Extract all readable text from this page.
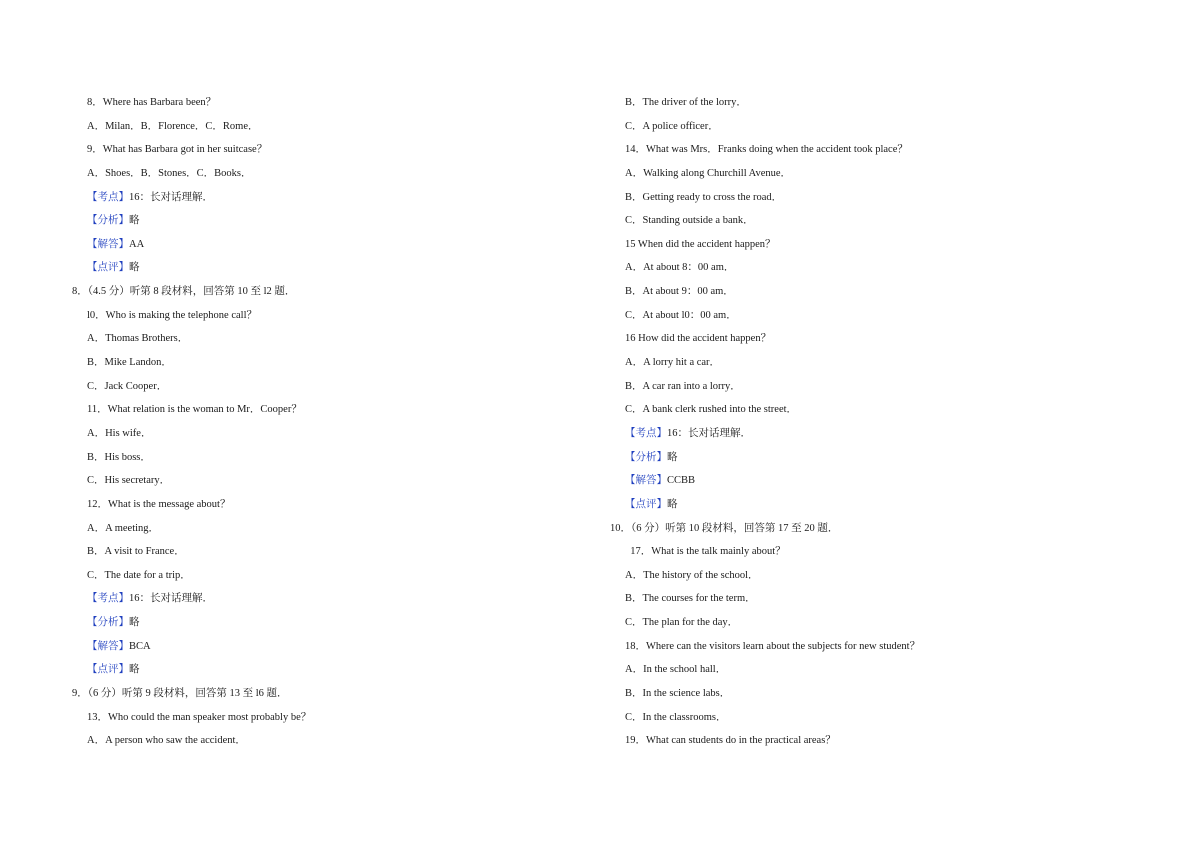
8．Where has Barbara been？
A．Milan．B．Florence．C．Rome．
9．What has Barbara got in her suitcase？
A．Shoes．B．Stones．C．Books．
【考点】16：长对话理解．
【分析】略
【解答】AA
【点评】略
8．（4.5 分）听第 8 段材料，回答第 10 至 l2 题．
l0．Who is making the telephone call？
A．Thomas Brothers．
B．Mike Landon．
C．Jack Cooper．
11．What relation is the woman to Mr．Cooper？
A．His wife．
B．His boss．
C．His secretary．
12．What is the message about？
A．A meeting．
B．A visit to France．
C．The date for a trip．
【考点】16：长对话理解．
【分析】略
【解答】BCA
【点评】略
9．（6 分）听第 9 段材料，回答第 13 至 l6 题．
13．Who could the man speaker most probably be？
A．A person who saw the accident．
B．The driver of the lorry．
C．A police officer．
14．What was Mrs．Franks doing when the accident took place？
A．Walking along Churchill Avenue．
B．Getting ready to cross the road．
C．Standing outside a bank．
15 When did the accident happen？
A．At about 8：00 am．
B．At about 9：00 am．
C．At about l0：00 am．
16 How did the accident happen？
A．A lorry hit a car．
B．A car ran into a lorry．
C．A bank clerk rushed into the street．
【考点】16：长对话理解．
【分析】略
【解答】CCBB
【点评】略
10．（6 分）听第 10 段材料，回答第 17 至 20 题．
17．What is the talk mainly about？
A．The history of the school．
B．The courses for the term．
C．The plan for the day．
18．Where can the visitors learn about the subjects for new student？
A．In the school hall．
B．In the science labs．
C．In the classrooms．
19．What can students do in the practical areas？
